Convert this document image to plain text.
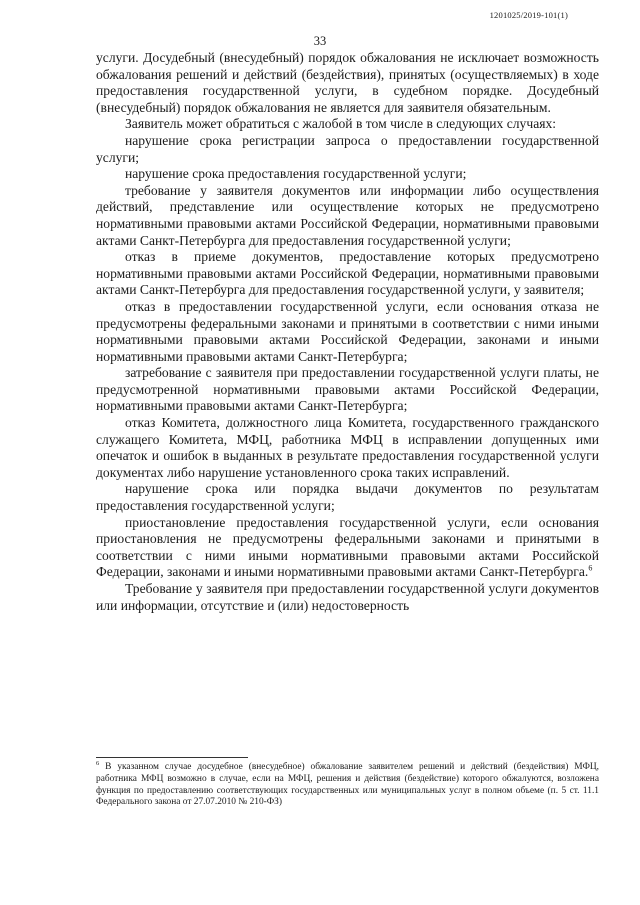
1201025/2019-101(1)
33

услуги. Досудебный (внесудебный) порядок обжалования не исключает возможность обжалования решений и действий (бездействия), принятых (осуществляемых) в ходе предоставления государственной услуги, в судебном порядке. Досудебный (внесудебный) порядок обжалования не является для заявителя обязательным.

Заявитель может обратиться с жалобой в том числе в следующих случаях:

нарушение срока регистрации запроса о предоставлении государственной услуги;

нарушение срока предоставления государственной услуги;

требование у заявителя документов или информации либо осуществления действий, представление или осуществление которых не предусмотрено нормативными правовыми актами Российской Федерации, нормативными правовыми актами Санкт-Петербурга для предоставления государственной услуги;

отказ в приеме документов, предоставление которых предусмотрено нормативными правовыми актами Российской Федерации, нормативными правовыми актами Санкт-Петербурга для предоставления государственной услуги, у заявителя;

отказ в предоставлении государственной услуги, если основания отказа не предусмотрены федеральными законами и принятыми в соответствии с ними иными нормативными правовыми актами Российской Федерации, законами и иными нормативными правовыми актами Санкт-Петербурга;

затребование с заявителя при предоставлении государственной услуги платы, не предусмотренной нормативными правовыми актами Российской Федерации, нормативными правовыми актами Санкт-Петербурга;

отказ Комитета, должностного лица Комитета, государственного гражданского служащего Комитета, МФЦ, работника МФЦ в исправлении допущенных ими опечаток и ошибок в выданных в результате предоставления государственной услуги документах либо нарушение установленного срока таких исправлений.

нарушение срока или порядка выдачи документов по результатам предоставления государственной услуги;

приостановление предоставления государственной услуги, если основания приостановления не предусмотрены федеральными законами и принятыми в соответствии с ними иными нормативными правовыми актами Российской Федерации, законами и иными нормативными правовыми актами Санкт-Петербурга.$^6$

Требование у заявителя при предоставлении государственной услуги документов или информации, отсутствие и (или) недостоверность

$^6$ В указанном случае досудебное (внесудебное) обжалование заявителем решений и действий (бездействия) МФЦ, работника МФЦ возможно в случае, если на МФЦ, решения и действия (бездействие) которого обжалуются, возложена функция по предоставлению соответствующих государственных или муниципальных услуг в полном объеме (п. 5 ст. 11.1 Федерального закона от 27.07.2010 № 210-ФЗ)
